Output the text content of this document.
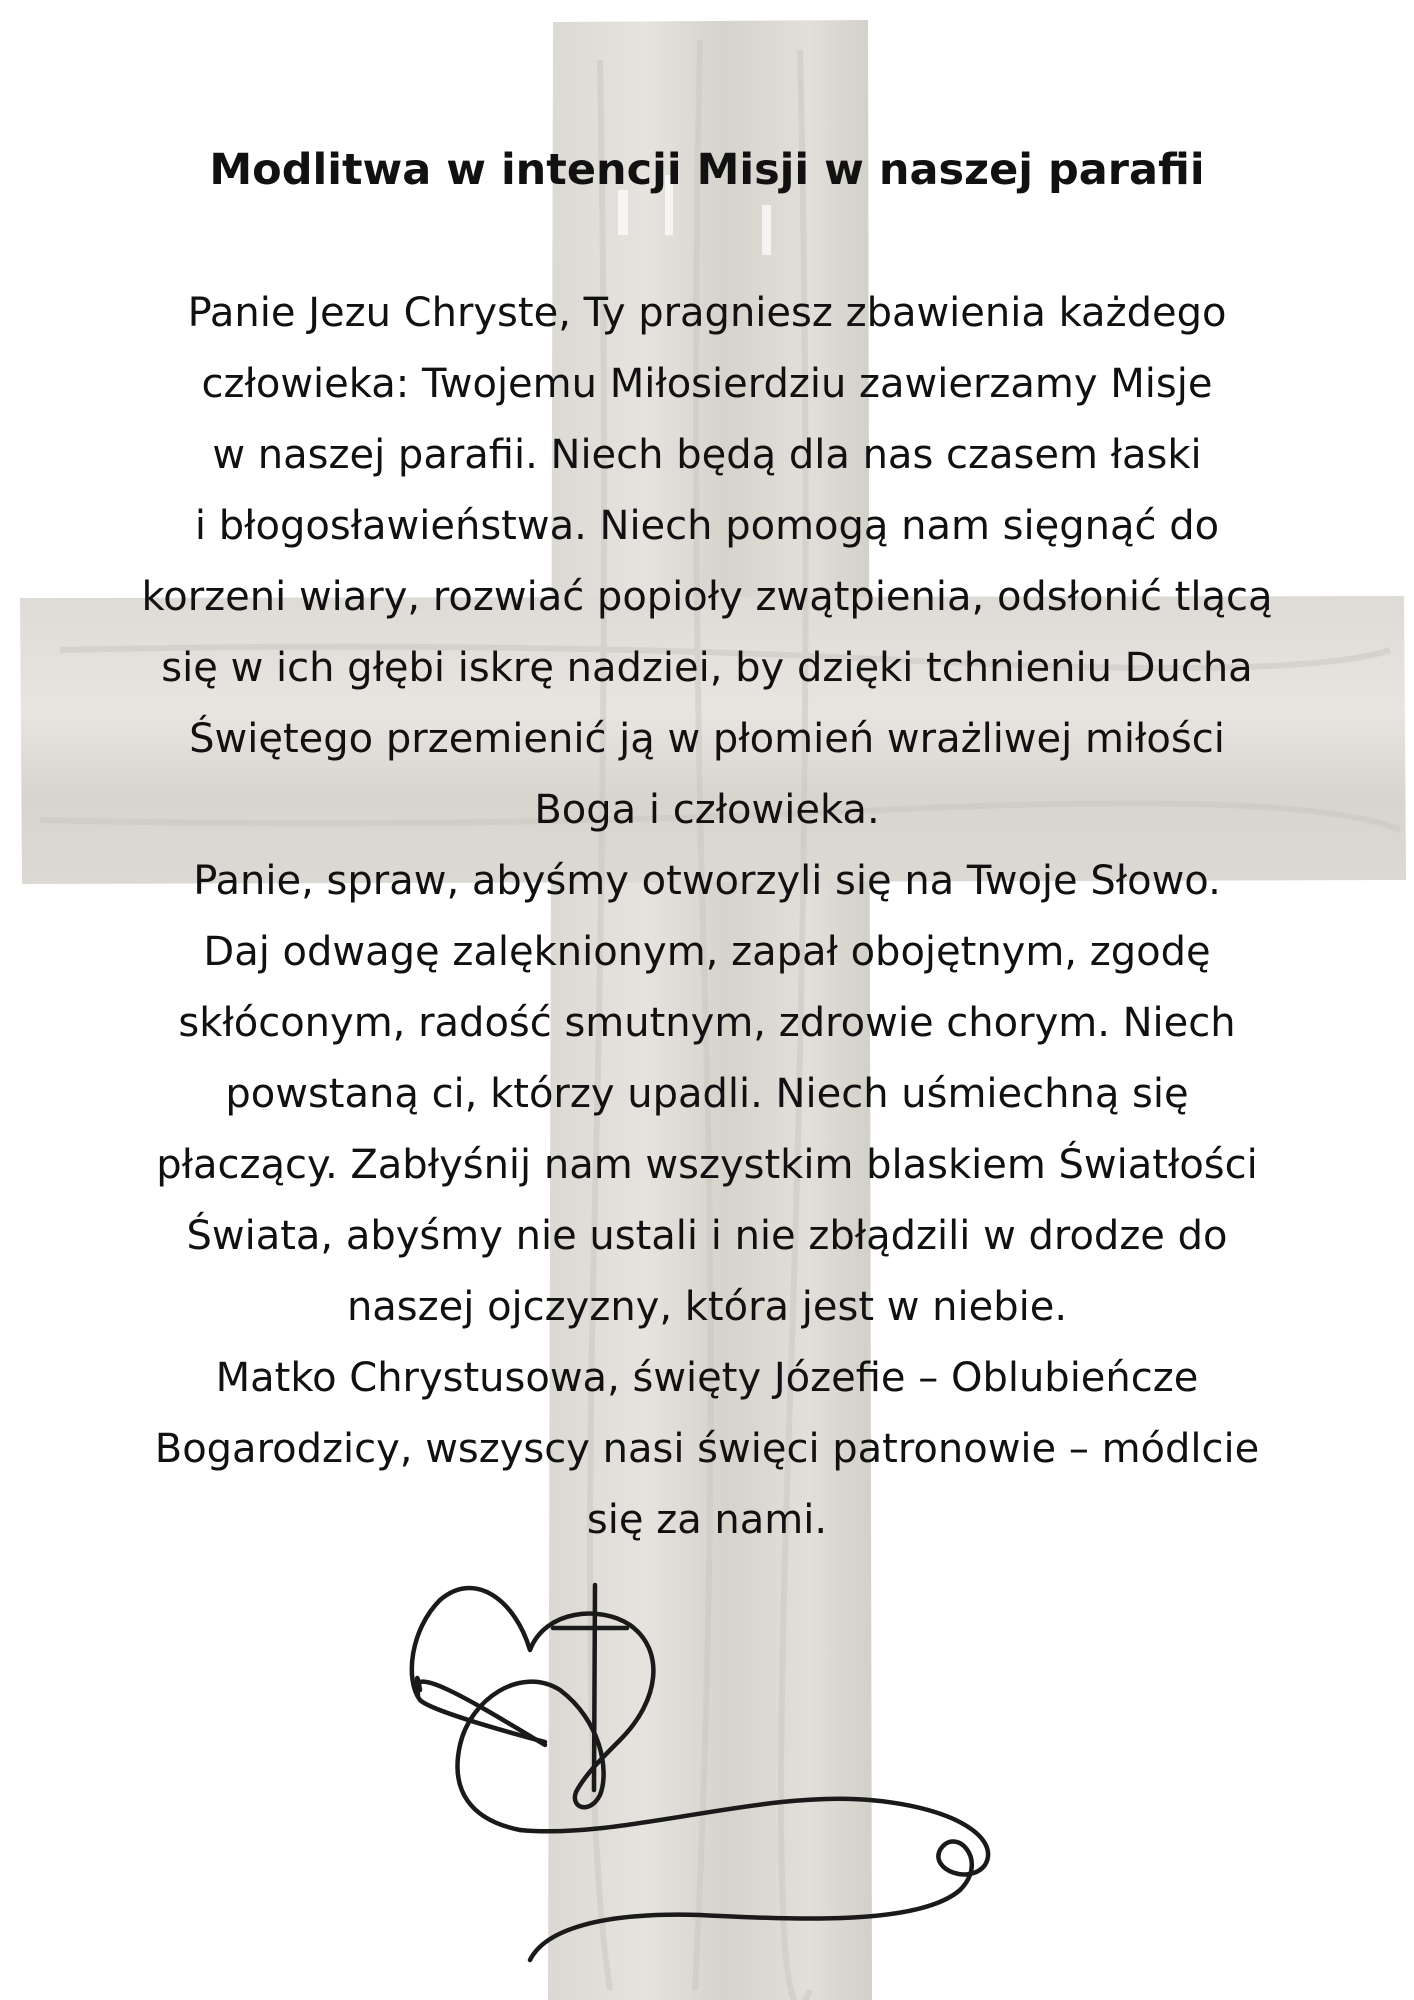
Modlitwa w intencji Misji w naszej parafii
Panie Jezu Chryste, Ty pragniesz zbawienia każdego
człowieka: Twojemu Miłosierdziu zawierzamy Misje
w naszej parafii. Niech będą dla nas czasem łaski
i błogosławieństwa. Niech pomogą nam sięgnąć do
korzeni wiary, rozwiać popioły zwątpienia, odsłonić tlącą
się w ich głębi iskrę nadziei, by dzięki tchnieniu Ducha
Świętego przemienić ją w płomień wrażliwej miłości
Boga i człowieka.
Panie, spraw, abyśmy otworzyli się na Twoje Słowo.
Daj odwagę zalęknionym, zapał obojętnym, zgodę
skłóconym, radość smutnym, zdrowie chorym. Niech
powstaną ci, którzy upadli. Niech uśmiechną się
płaczący. Zabłyśnij nam wszystkim blaskiem Światłości
Świata, abyśmy nie ustali i nie zbłądzili w drodze do
naszej ojczyzny, która jest w niebie.
Matko Chrystusowa, święty Józefie – Oblubieńcze
Bogarodzicy, wszyscy nasi święci patronowie – módlcie
się za nami.
